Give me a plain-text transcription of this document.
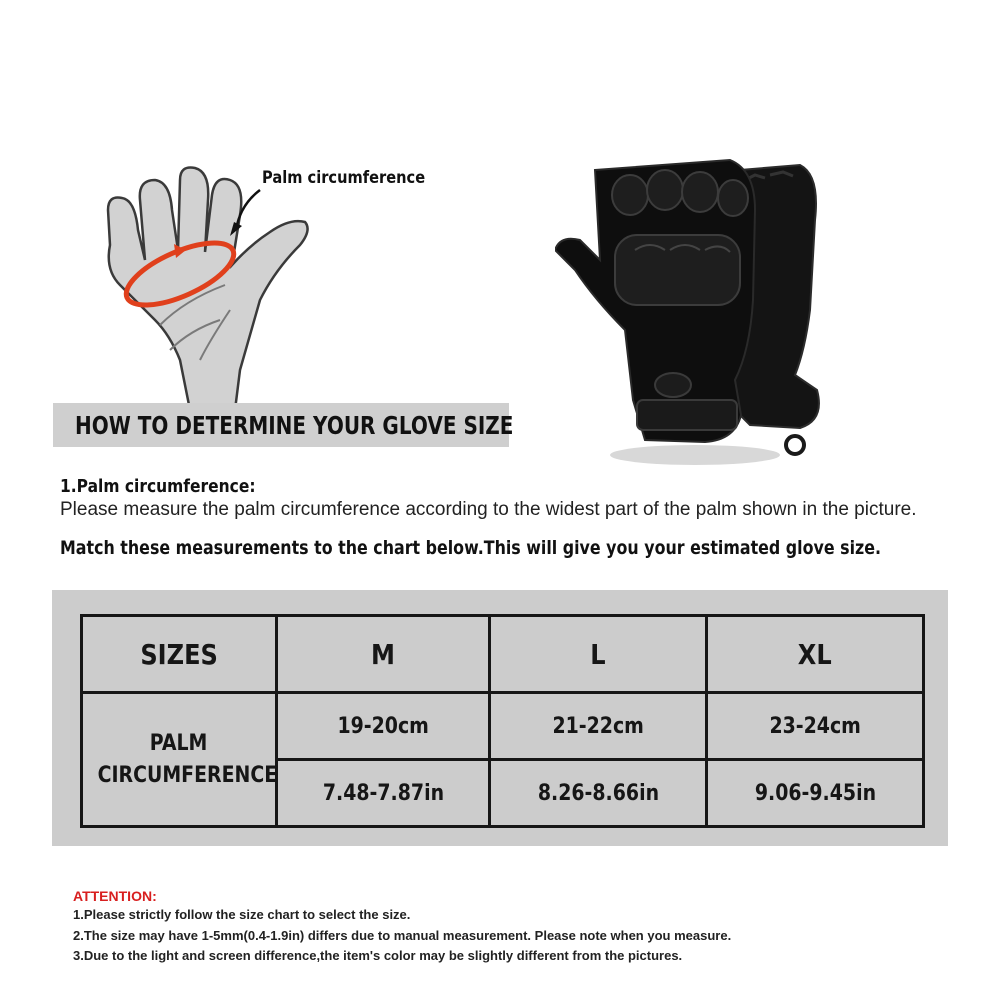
Palm circumference
HOW TO DETERMINE YOUR GLOVE SIZE
1.Palm circumference:
Please measure the palm circumference according to the widest part of the palm shown in the picture.
Match these measurements to the chart below.This will give you your estimated glove size.
SIZES	M	L	XL
PALM
CIRCUMFERENCE	19-20cm	21-22cm	23-24cm
	7.48-7.87in	8.26-8.66in	9.06-9.45in
ATTENTION:
1.Please strictly follow the size chart to select the size.
2.The size may have 1-5mm(0.4-1.9in) differs due to manual measurement. Please note when you measure.
3.Due to the light and screen difference,the item's color may be slightly different from the pictures.
